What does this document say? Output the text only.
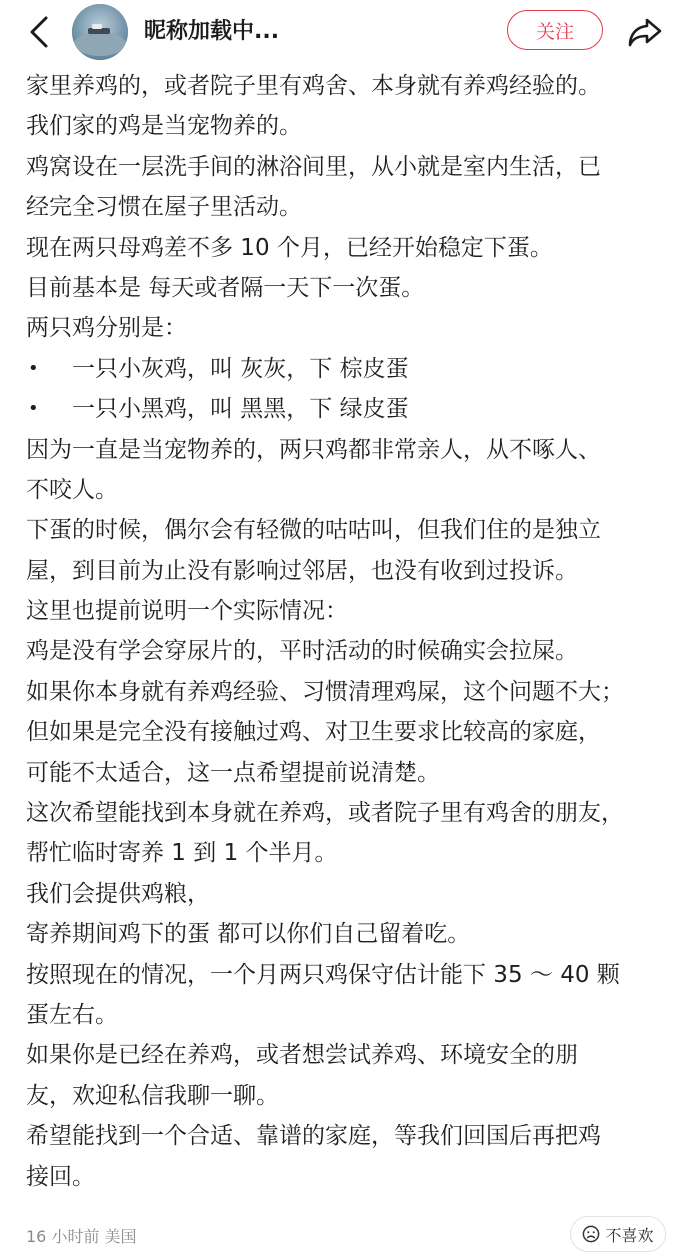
昵称加载中...	关注
家里养鸡的，或者院子里有鸡舍、本身就有养鸡经验的。
我们家的鸡是当宠物养的。
鸡窝设在一层洗手间的淋浴间里，从小就是室内生活，已
经完全习惯在屋子里活动。
现在两只母鸡差不多 10 个月，已经开始稳定下蛋。
目前基本是 每天或者隔一天下一次蛋。
两只鸡分别是：
•	一只小灰鸡，叫 灰灰，下 棕皮蛋
•	一只小黑鸡，叫 黑黑，下 绿皮蛋
因为一直是当宠物养的，两只鸡都非常亲人，从不啄人、
不咬人。
下蛋的时候，偶尔会有轻微的咕咕叫，但我们住的是独立
屋，到目前为止没有影响过邻居，也没有收到过投诉。
这里也提前说明一个实际情况：
鸡是没有学会穿尿片的，平时活动的时候确实会拉屎。
如果你本身就有养鸡经验、习惯清理鸡屎，这个问题不大；
但如果是完全没有接触过鸡、对卫生要求比较高的家庭，
可能不太适合，这一点希望提前说清楚。
这次希望能找到本身就在养鸡，或者院子里有鸡舍的朋友，
帮忙临时寄养 1 到 1 个半月。
我们会提供鸡粮，
寄养期间鸡下的蛋 都可以你们自己留着吃。
按照现在的情况，一个月两只鸡保守估计能下 35 ～ 40 颗
蛋左右。
如果你是已经在养鸡，或者想尝试养鸡、环境安全的朋
友，欢迎私信我聊一聊。
希望能找到一个合适、靠谱的家庭，等我们回国后再把鸡
接回。
16 小时前 美国	不喜欢
